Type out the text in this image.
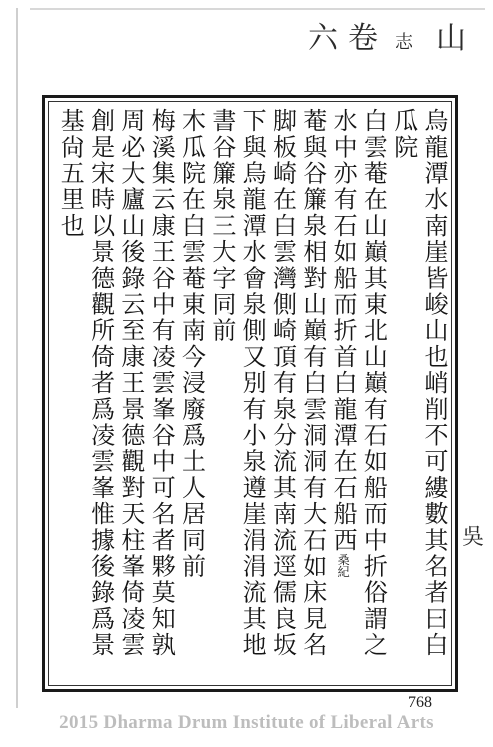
山
志
卷
六
吳
烏龍潭水南崖皆峻山也峭削不可縷數其名者曰白
瓜院
白雲菴在山巔其東北山巔有石如船而中折俗謂之
水中亦有石如船而折首白龍潭在石船西桑紀
菴與谷簾泉相對山巔有白雲洞洞有大石如床見名
脚板崎在白雲灣側崎頂有泉分流其南流逕儒良坂
下與烏龍潭水會泉側又別有小泉遵崖涓涓流其地
書谷簾泉三大字同前
木瓜院在白雲菴東南今浸廢爲土人居同前
梅溪集云康王谷中有凌雲峯谷中可名者夥莫知孰
周必大廬山後錄云至康王景德觀對天柱峯倚凌雲
創是宋時以景德觀所倚者爲凌雲峯惟據後錄爲景
基尙五里也
768
2015 Dharma Drum Institute of Liberal Arts
